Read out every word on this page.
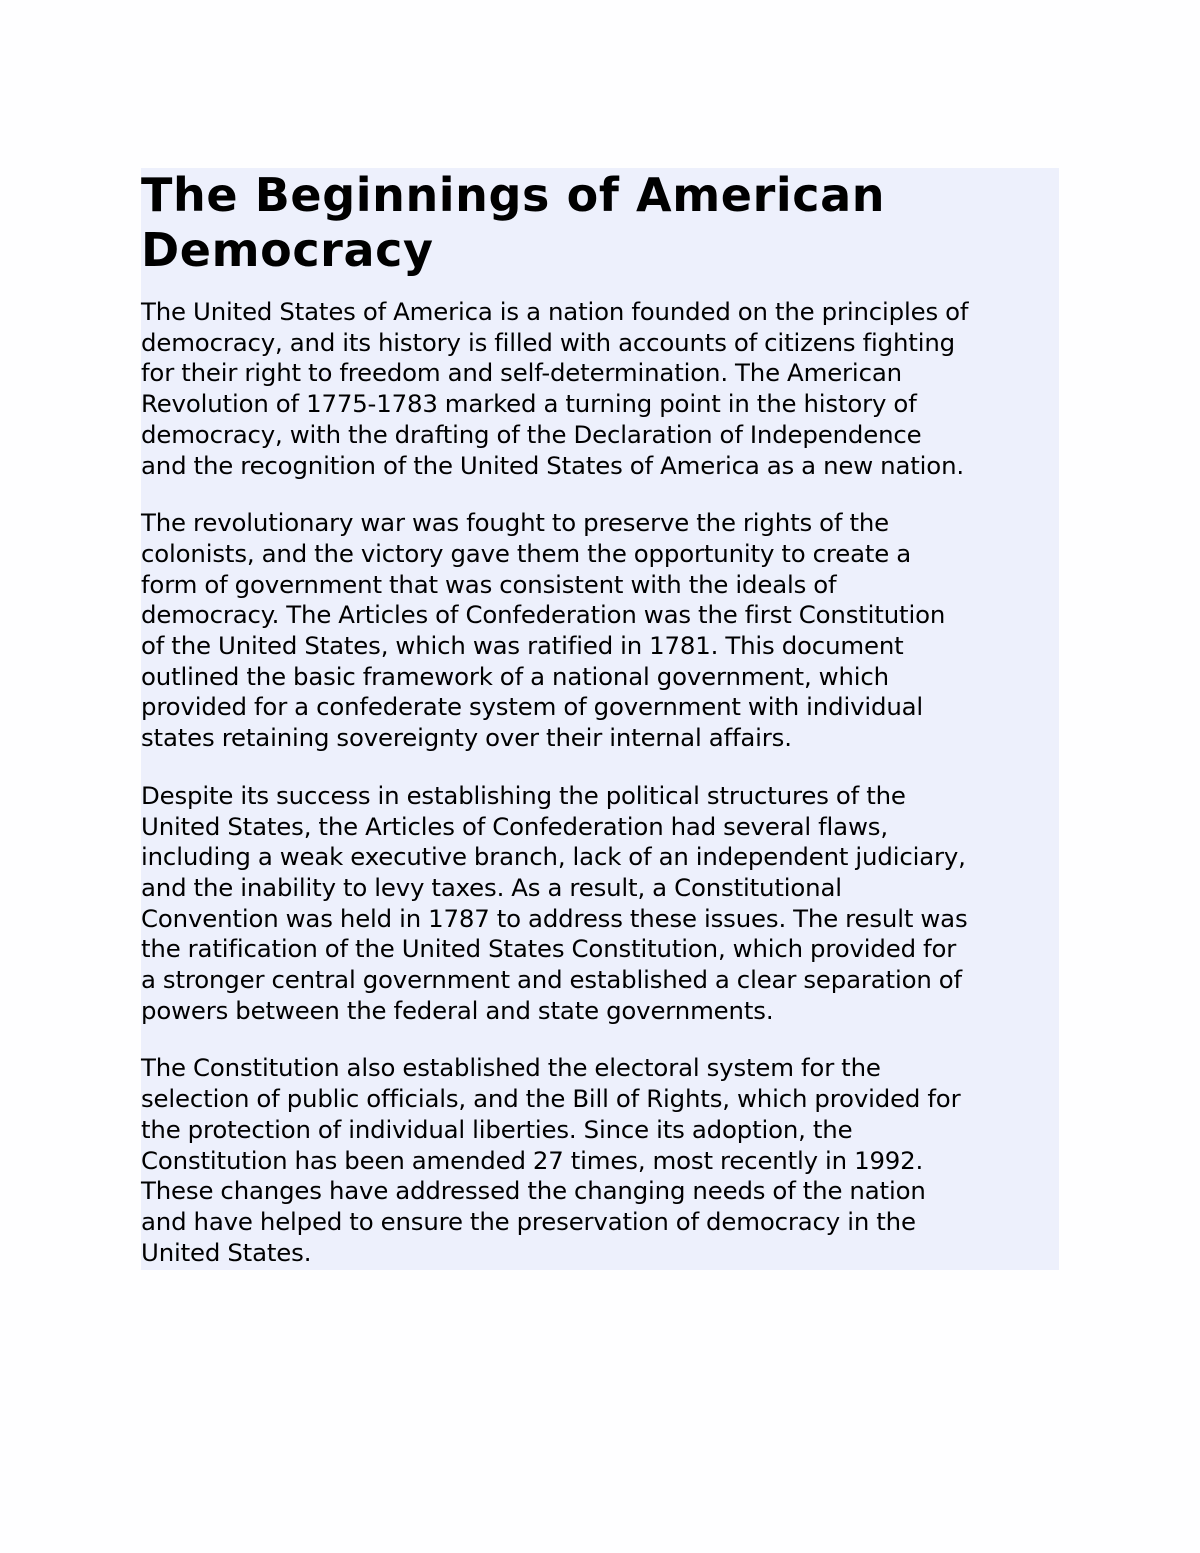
The Beginnings of American
Democracy

The United States of America is a nation founded on the principles of
democracy, and its history is filled with accounts of citizens fighting
for their right to freedom and self-determination. The American
Revolution of 1775-1783 marked a turning point in the history of
democracy, with the drafting of the Declaration of Independence
and the recognition of the United States of America as a new nation.

The revolutionary war was fought to preserve the rights of the
colonists, and the victory gave them the opportunity to create a
form of government that was consistent with the ideals of
democracy. The Articles of Confederation was the first Constitution
of the United States, which was ratified in 1781. This document
outlined the basic framework of a national government, which
provided for a confederate system of government with individual
states retaining sovereignty over their internal affairs.

Despite its success in establishing the political structures of the
United States, the Articles of Confederation had several flaws,
including a weak executive branch, lack of an independent judiciary,
and the inability to levy taxes. As a result, a Constitutional
Convention was held in 1787 to address these issues. The result was
the ratification of the United States Constitution, which provided for
a stronger central government and established a clear separation of
powers between the federal and state governments.

The Constitution also established the electoral system for the
selection of public officials, and the Bill of Rights, which provided for
the protection of individual liberties. Since its adoption, the
Constitution has been amended 27 times, most recently in 1992.
These changes have addressed the changing needs of the nation
and have helped to ensure the preservation of democracy in the
United States.
